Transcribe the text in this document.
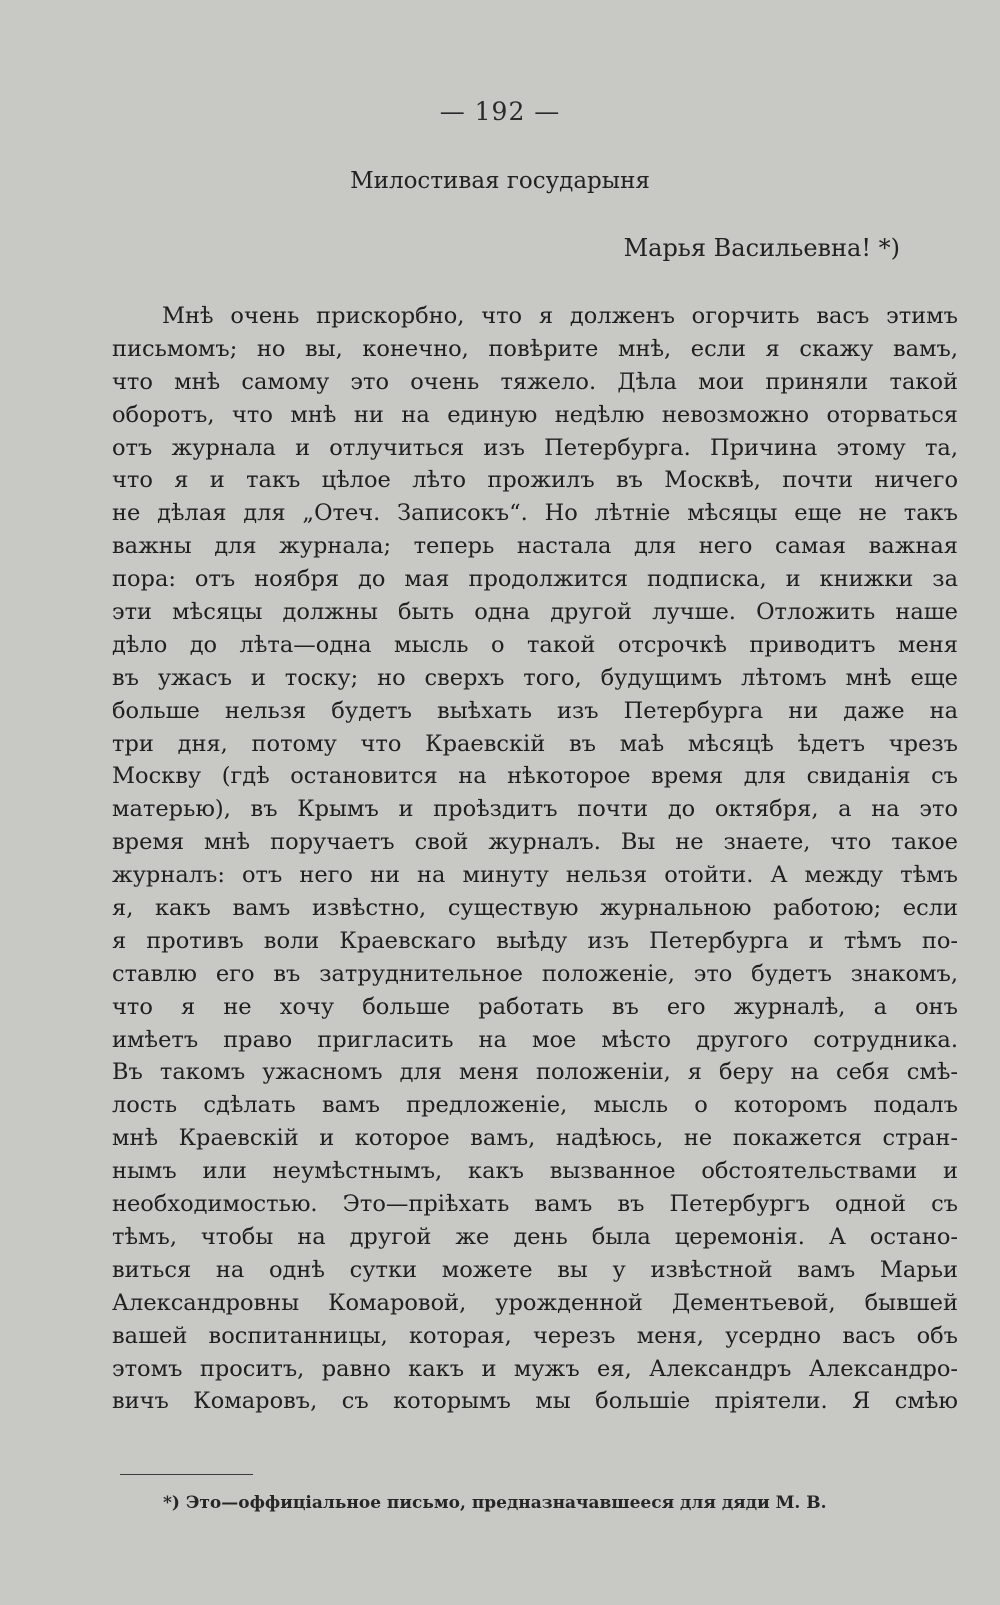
— 192 —
Милостивая государыня
Марья Васильевна! *)
Мнѣ очень прискорбно, что я долженъ огорчить васъ этимъ
письмомъ; но вы, конечно, повѣрите мнѣ, если я скажу вамъ,
что мнѣ самому это очень тяжело. Дѣла мои приняли такой
оборотъ, что мнѣ ни на единую недѣлю невозможно оторваться
отъ журнала и отлучиться изъ Петербурга. Причина этому та,
что я и такъ цѣлое лѣто прожилъ въ Москвѣ, почти ничего
не дѣлая для „Отеч. Записокъ“. Но лѣтніе мѣсяцы еще не такъ
важны для журнала; теперь настала для него самая важная
пора: отъ ноября до мая продолжится подписка, и книжки за
эти мѣсяцы должны быть одна другой лучше. Отложить наше
дѣло до лѣта—одна мысль о такой отсрочкѣ приводитъ меня
въ ужасъ и тоску; но сверхъ того, будущимъ лѣтомъ мнѣ еще
больше нельзя будетъ выѣхать изъ Петербурга ни даже на
три дня, потому что Краевскій въ маѣ мѣсяцѣ ѣдетъ чрезъ
Москву (гдѣ остановится на нѣкоторое время для свиданія съ
матерью), въ Крымъ и проѣздитъ почти до октября, а на это
время мнѣ поручаетъ свой журналъ. Вы не знаете, что такое
журналъ: отъ него ни на минуту нельзя отойти. А между тѣмъ
я, какъ вамъ извѣстно, существую журнальною работою; если
я противъ воли Краевскаго выѣду изъ Петербурга и тѣмъ по-
ставлю его въ затруднительное положеніе, это будетъ знакомъ,
что я не хочу больше работать въ его журналѣ, а онъ
имѣетъ право пригласить на мое мѣсто другого сотрудника.
Въ такомъ ужасномъ для меня положеніи, я беру на себя смѣ-
лость сдѣлать вамъ предложеніе, мысль о которомъ подалъ
мнѣ Краевскій и которое вамъ, надѣюсь, не покажется стран-
нымъ или неумѣстнымъ, какъ вызванное обстоятельствами и
необходимостью. Это—пріѣхать вамъ въ Петербургъ одной съ
тѣмъ, чтобы на другой же день была церемонія. А остано-
виться на однѣ сутки можете вы у извѣстной вамъ Марьи
Александровны Комаровой, урожденной Дементьевой, бывшей
вашей воспитанницы, которая, черезъ меня, усердно васъ объ
этомъ проситъ, равно какъ и мужъ ея, Александръ Александро-
вичъ Комаровъ, съ которымъ мы большіе пріятели. Я смѣю
*) Это—оффиціальное письмо, предназначавшееся для дяди М. В.
